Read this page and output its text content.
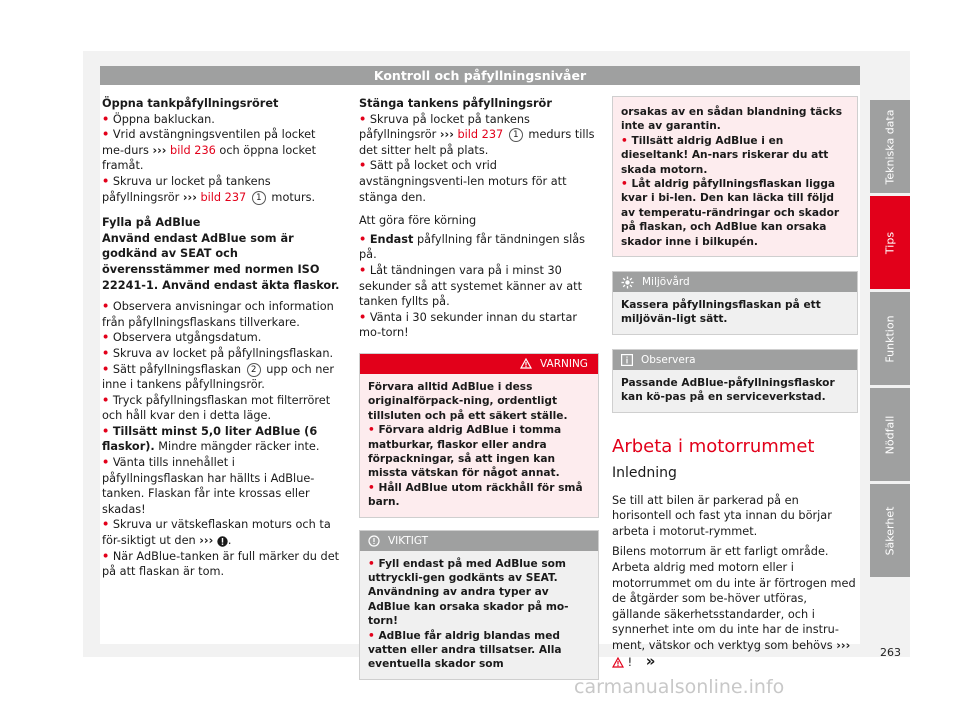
Kontroll och påfyllningsnivåer

Öppna tankpåfyllningsröret

• Öppna bakluckan.

• Vrid avstängningsventilen på locket me-durs ››› bild 236 och öppna locket framåt.

• Skruva ur locket på tankens påfyllningsrör ››› bild 237 1 moturs.

Fylla på AdBlue

Använd endast AdBlue som är godkänd av SEAT och överensstämmer med normen ISO 22241-1. Använd endast äkta flaskor.

• Observera anvisningar och information från påfyllningsflaskans tillverkare.

• Observera utgångsdatum.

• Skruva av locket på påfyllningsflaskan.

• Sätt påfyllningsflaskan 2 upp och ner inne i tankens påfyllningsrör.

• Tryck påfyllningsflaskan mot filterröret och håll kvar den i detta läge.

• Tillsätt minst 5,0 liter AdBlue (6 flaskor). Mindre mängder räcker inte.

• Vänta tills innehållet i påfyllningsflaskan har hällts i AdBlue-tanken. Flaskan får inte krossas eller skadas!

• Skruva ur vätskeflaskan moturs och ta för-siktigt ut den ››› .

• När AdBlue-tanken är full märker du det på att flaskan är tom.

Stänga tankens påfyllningsrör

• Skruva på locket på tankens påfyllningsrör ››› bild 237 1 medurs tills det sitter helt på plats.

• Sätt på locket och vrid avstängningsventi-len moturs för att stänga den.

Att göra före körning

• Endast påfyllning får tändningen slås på.

• Låt tändningen vara på i minst 30 sekunder så att systemet känner av att tanken fyllts på.

• Vänta i 30 sekunder innan du startar mo-torn!

VARNING

Förvara alltid AdBlue i dess originalförpack-ning, ordentligt tillsluten och på ett säkert ställe.

• Förvara aldrig AdBlue i tomma matburkar, flaskor eller andra förpackningar, så att ingen kan missta vätskan för något annat.

• Håll AdBlue utom räckhåll för små barn.

VIKTIGT

• Fyll endast på med AdBlue som uttryckli-gen godkänts av SEAT. Användning av andra typer av AdBlue kan orsaka skador på mo-torn!

• AdBlue får aldrig blandas med vatten eller andra tillsatser. Alla eventuella skador som

orsakas av en sådan blandning täcks inte av garantin.

• Tillsätt aldrig AdBlue i en dieseltank! An-nars riskerar du att skada motorn.

• Låt aldrig påfyllningsflaskan ligga kvar i bi-len. Den kan läcka till följd av temperatu-rändringar och skador på flaskan, och AdBlue kan orsaka skador inne i bilkupén.

Miljövård

Kassera påfyllningsflaskan på ett miljövän-ligt sätt.

Observera

Passande AdBlue-påfyllningsflaskor kan kö-pas på en serviceverkstad.

Arbeta i motorrummet

Inledning

Se till att bilen är parkerad på en horisontell och fast yta innan du börjar arbeta i motorut-rymmet.

Bilens motorrum är ett farligt område. Arbeta aldrig med motorn eller i motorrummet om du inte är förtrogen med de åtgärder som be-höver utföras, gällande säkerhetsstandarder, och i synnerhet inte om du inte har de instru-ment, vätskor och verktyg som behövs ›››  ! »

Tekniska data
Tips
Funktion
Nödfall
Säkerhet
263
carmanualsonline.info
